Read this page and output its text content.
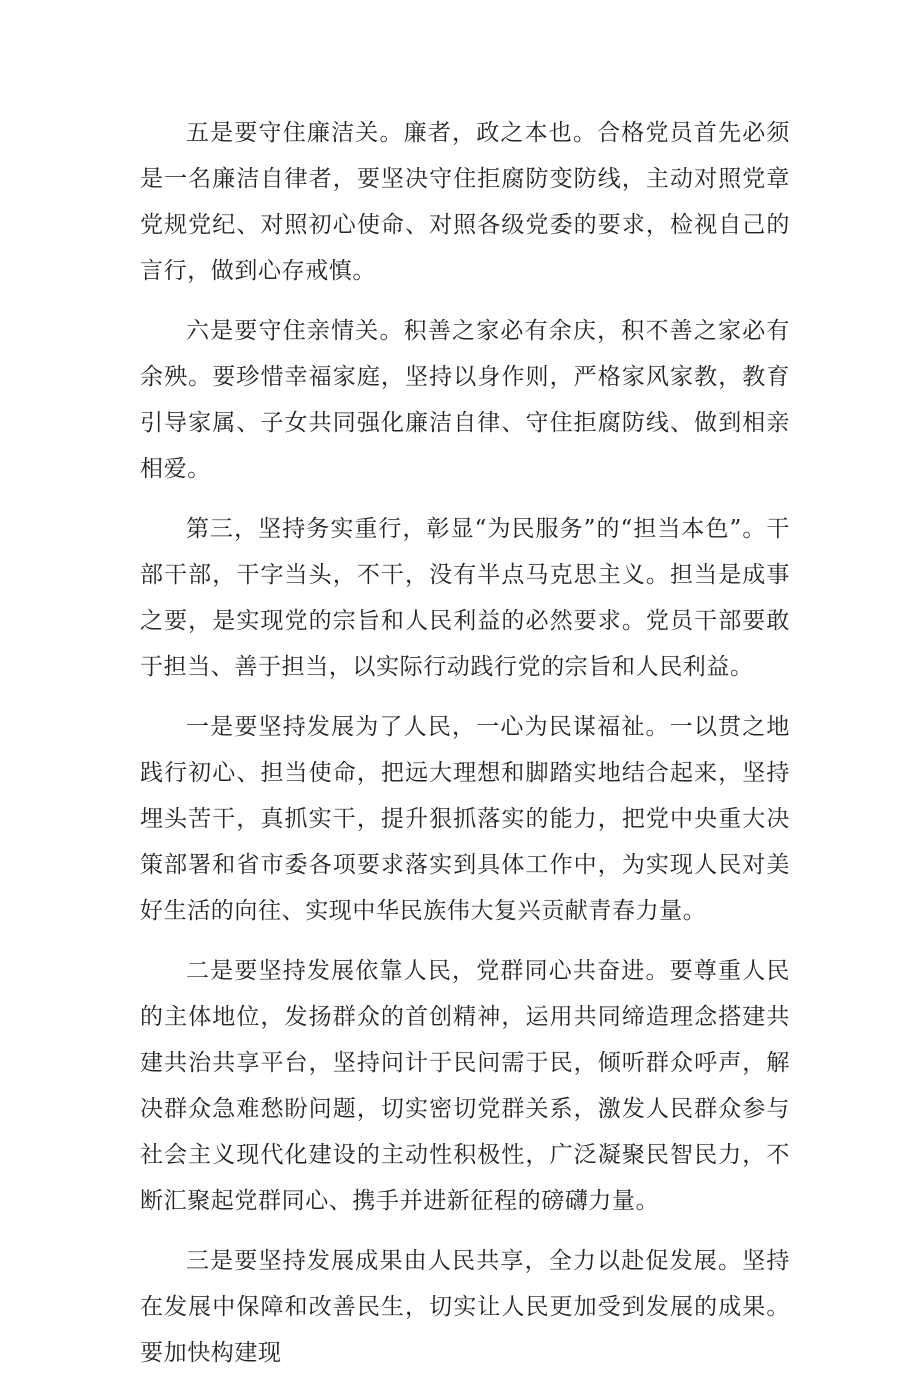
五是要守住廉洁关。廉者，政之本也。合格党员首先必须是一名廉洁自律者，要坚决守住拒腐防变防线，主动对照党章党规党纪、对照初心使命、对照各级党委的要求，检视自己的言行，做到心存戒慎。

六是要守住亲情关。积善之家必有余庆，积不善之家必有余殃。要珍惜幸福家庭，坚持以身作则，严格家风家教，教育引导家属、子女共同强化廉洁自律、守住拒腐防线、做到相亲相爱。

第三，坚持务实重行，彰显“为民服务”的“担当本色”。干部干部，干字当头，不干，没有半点马克思主义。担当是成事之要，是实现党的宗旨和人民利益的必然要求。党员干部要敢于担当、善于担当，以实际行动践行党的宗旨和人民利益。

一是要坚持发展为了人民，一心为民谋福祉。一以贯之地践行初心、担当使命，把远大理想和脚踏实地结合起来，坚持埋头苦干，真抓实干，提升狠抓落实的能力，把党中央重大决策部署和省市委各项要求落实到具体工作中，为实现人民对美好生活的向往、实现中华民族伟大复兴贡献青春力量。

二是要坚持发展依靠人民，党群同心共奋进。要尊重人民的主体地位，发扬群众的首创精神，运用共同缔造理念搭建共建共治共享平台，坚持问计于民问需于民，倾听群众呼声，解决群众急难愁盼问题，切实密切党群关系，激发人民群众参与社会主义现代化建设的主动性积极性，广泛凝聚民智民力，不断汇聚起党群同心、携手并进新征程的磅礴力量。

三是要坚持发展成果由人民共享，全力以赴促发展。坚持在发展中保障和改善民生，切实让人民更加受到发展的成果。要加快构建现
